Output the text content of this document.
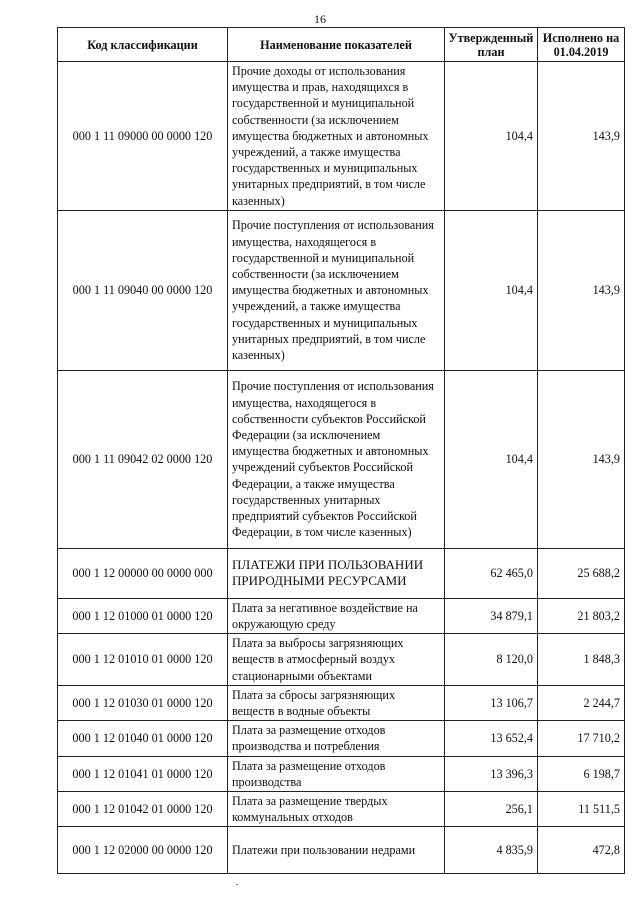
16
Код классификации	Наименование показателей	Утвержденный план	Исполнено на 01.04.2019
000 1 11 09000 00 0000 120	Прочие доходы от использования имущества и прав, находящихся в государственной и муниципальной собственности (за исключением имущества бюджетных и автономных учреждений, а также имущества государственных и муниципальных унитарных предприятий, в том числе казенных)	104,4	143,9
000 1 11 09040 00 0000 120	Прочие поступления от использования имущества, находящегося в государственной и муниципальной собственности (за исключением имущества бюджетных и автономных учреждений, а также имущества государственных и муниципальных унитарных предприятий, в том числе казенных)	104,4	143,9
000 1 11 09042 02 0000 120	Прочие поступления от использования имущества, находящегося в собственности субъектов Российской Федерации (за исключением имущества бюджетных и автономных учреждений субъектов Российской Федерации, а также имущества государственных унитарных предприятий субъектов Российской Федерации, в том числе казенных)	104,4	143,9
000 1 12 00000 00 0000 000	ПЛАТЕЖИ ПРИ ПОЛЬЗОВАНИИ ПРИРОДНЫМИ РЕСУРСАМИ	62 465,0	25 688,2
000 1 12 01000 01 0000 120	Плата за негативное воздействие на окружающую среду	34 879,1	21 803,2
000 1 12 01010 01 0000 120	Плата за выбросы загрязняющих веществ в атмосферный воздух стационарными объектами	8 120,0	1 848,3
000 1 12 01030 01 0000 120	Плата за сбросы загрязняющих веществ в водные объекты	13 106,7	2 244,7
000 1 12 01040 01 0000 120	Плата за размещение отходов производства и потребления	13 652,4	17 710,2
000 1 12 01041 01 0000 120	Плата за размещение отходов производства	13 396,3	6 198,7
000 1 12 01042 01 0000 120	Плата за размещение твердых коммунальных отходов	256,1	11 511,5
000 1 12 02000 00 0000 120	Платежи при пользовании недрами	4 835,9	472,8
